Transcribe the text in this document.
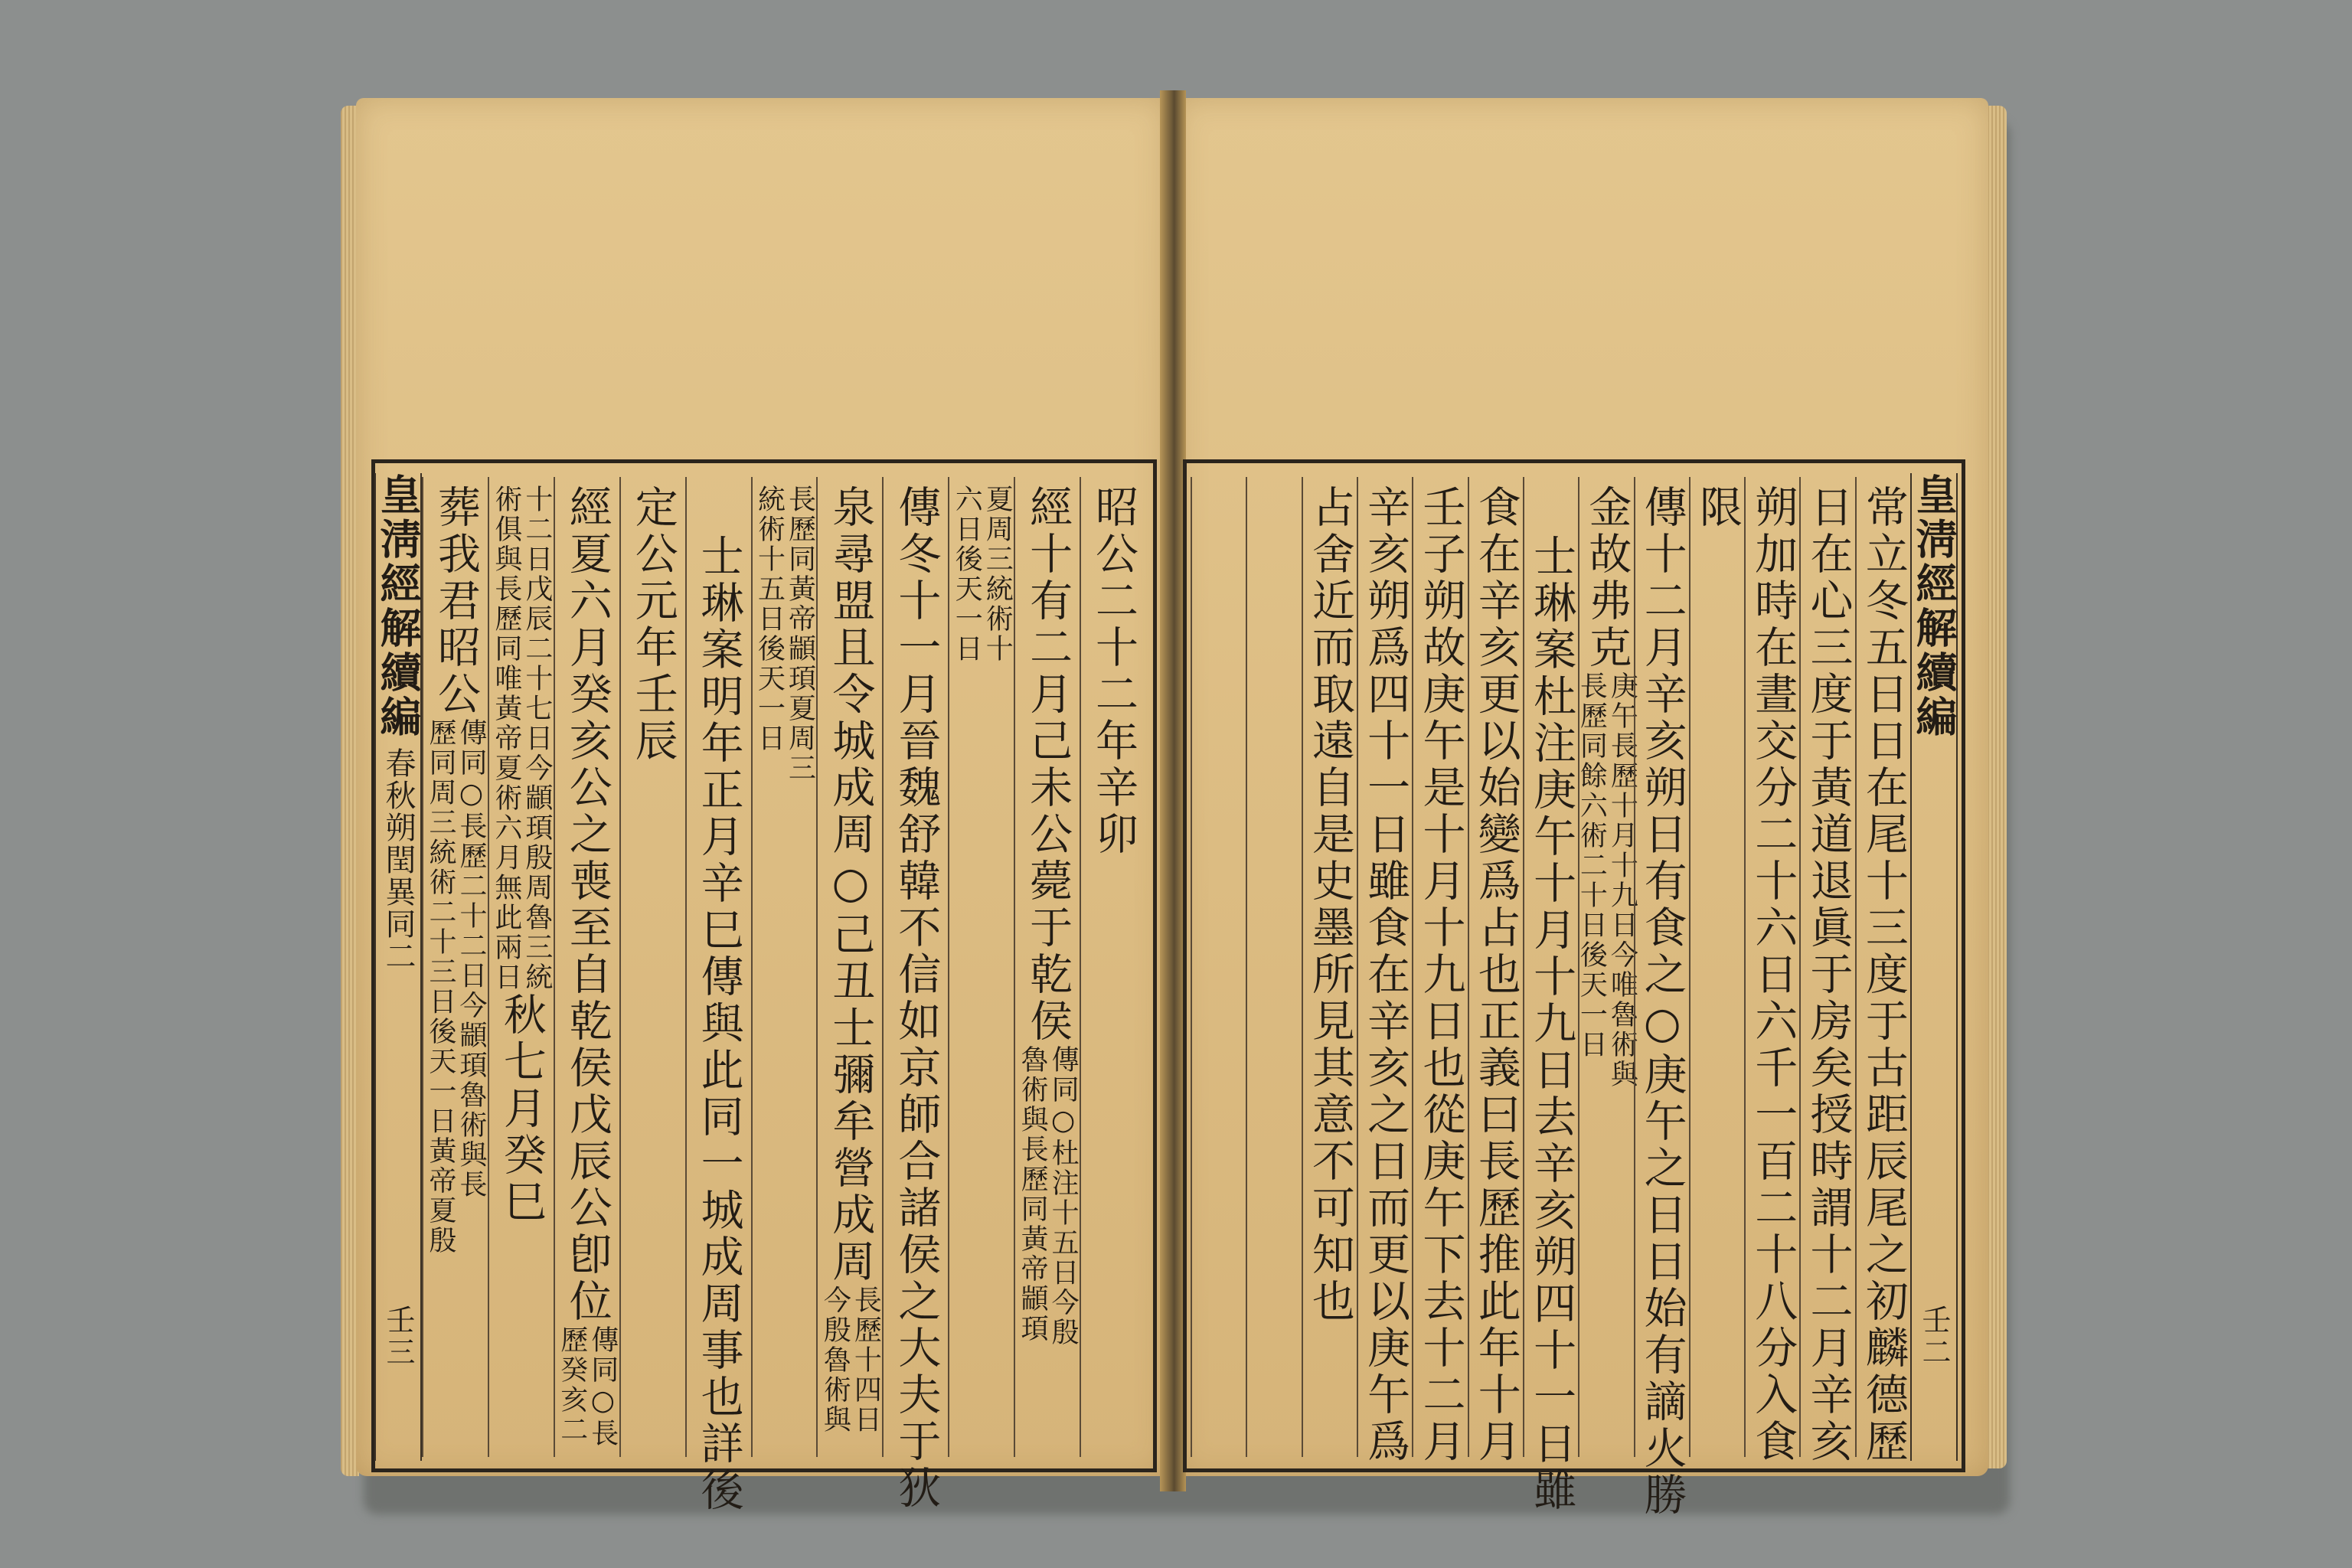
皇淸經解續編
春秋朔閏異同二
壬三
皇淸經解續編
壬二
昭公二十二年辛卯
經十有二月己未公薨于乾侯
傳同○杜注十五日今殷
魯術與長歷同黃帝顓頊
夏周三統術十
六日後天一日
傳冬十一月晉魏舒韓不信如京師合諸侯之大夫于狄
泉尋盟且令城成周○己丑士彌牟營成周
長歷十四日
今殷魯術與
長歷同黃帝顓頊夏周三
統術十五日後天一日
士琳案明年正月辛巳傳與此同一城成周事也詳後
定公元年壬辰
經夏六月癸亥公之喪至自乾侯戊辰公卽位
傳同○長
歷癸亥二
十二日戊辰二十七日今顓頊殷周魯三統
術俱與長歷同唯黃帝夏術六月無此兩日
秋七月癸巳
葬我君昭公
傳同○長歷二十二日今顓頊魯術與長
歷同周三統術二十三日後天一日黃帝夏殷	常立冬五日日在尾十三度于古距辰尾之初麟德歷
日在心三度于黃道退眞于房矣授時謂十二月辛亥
朔加時在晝交分二十六日六千一百二十八分入食
限
傳十二月辛亥朔日有食之○庚午之日日始有謫火勝
金故弗克
庚午長歷十月十九日今唯魯術與
長歷同餘六術二十日後天一日
士琳案杜注庚午十月十九日去辛亥朔四十一日雖
食在辛亥更以始變爲占也正義曰長歷推此年十月
壬子朔故庚午是十月十九日也從庚午下去十二月
辛亥朔爲四十一日雖食在辛亥之日而更以庚午爲
占舍近而取遠自是史墨所見其意不可知也
